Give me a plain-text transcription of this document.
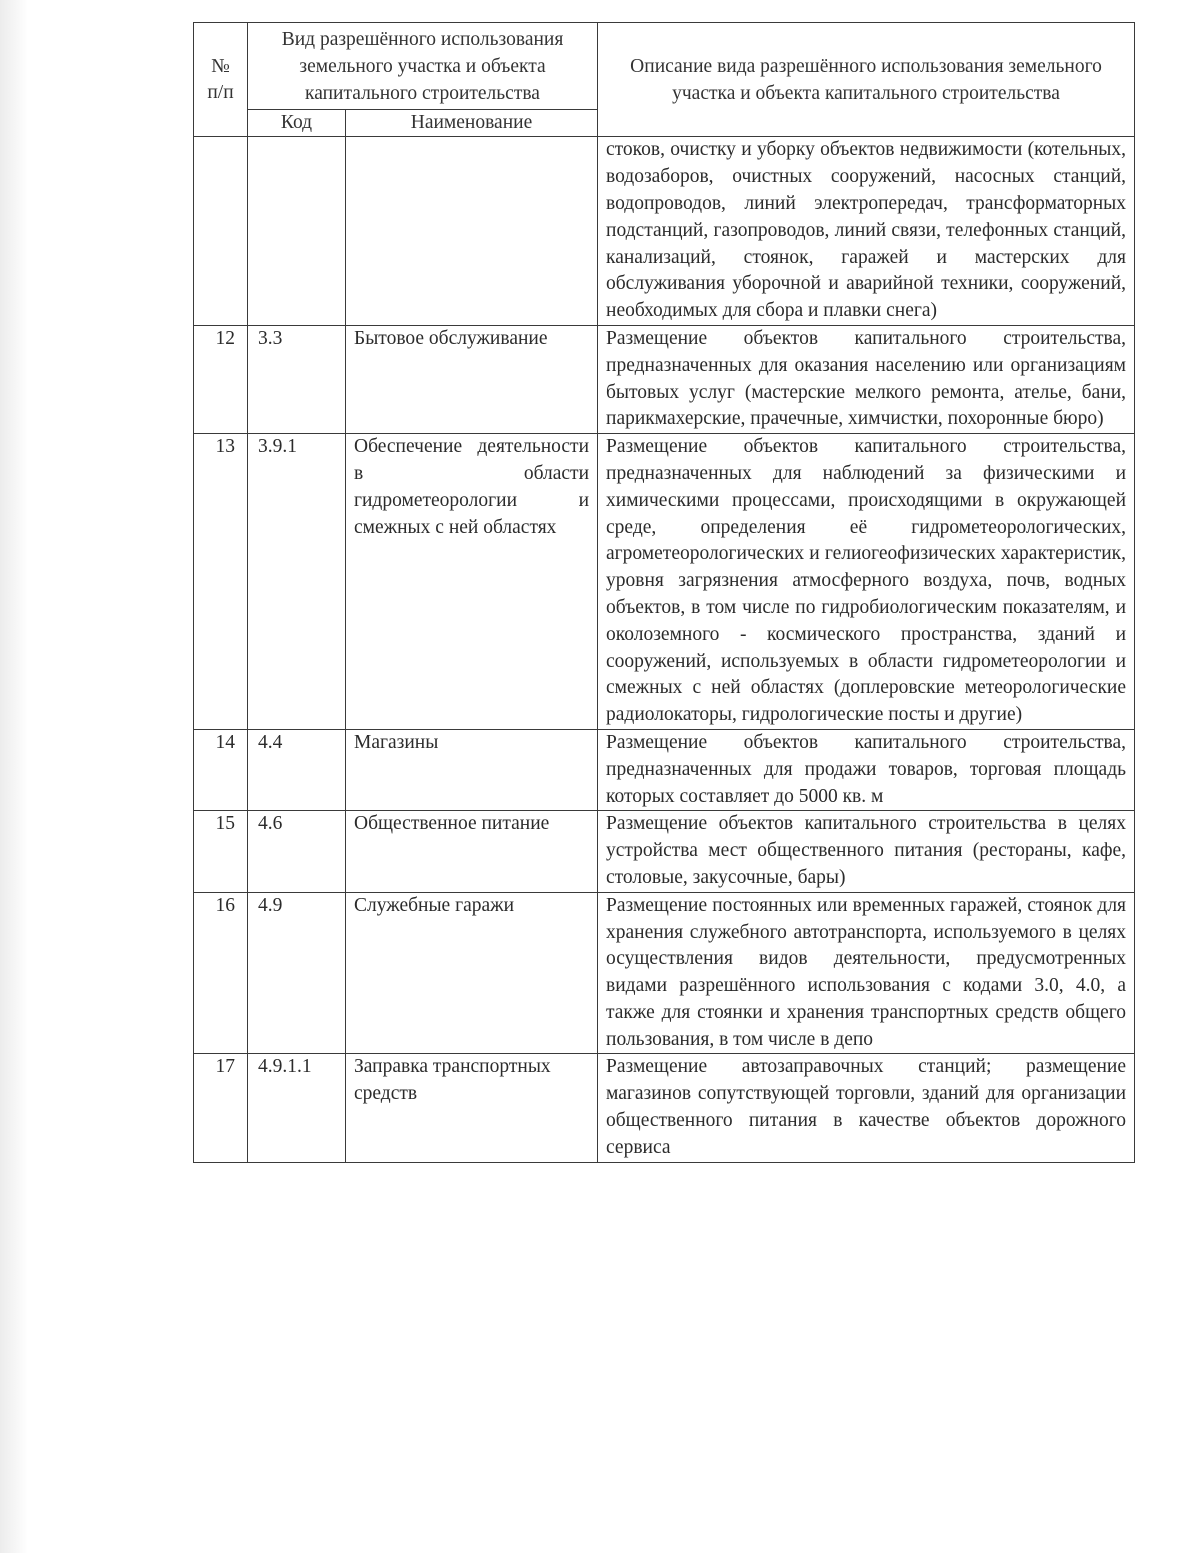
№ п/п	Вид разрешённого использования земельного участка и объекта капитального строительства		Описание вида разрешённого использования земельного участка и объекта капитального строительства
	Код	Наименование	
			стоков, очистку и уборку объектов недвижимости (котельных, водозаборов, очистных сооружений, насосных станций, водопроводов, линий электропередач, трансформаторных подстанций, газопроводов, линий связи, телефонных станций, канализаций, стоянок, гаражей и мастерских для обслуживания уборочной и аварийной техники, сооружений, необходимых для сбора и плавки снега)
12	3.3	Бытовое обслуживание	Размещение объектов капитального строительства, предназначенных для оказания населению или организациям бытовых услуг (мастерские мелкого ремонта, ателье, бани, парикмахерские, прачечные, химчистки, похоронные бюро)
13	3.9.1	Обеспечение деятельности в области гидрометеорологии и смежных с ней областях	Размещение объектов капитального строительства, предназначенных для наблюдений за физическими и химическими процессами, происходящими в окружающей среде, определения её гидрометеорологических, агрометеорологических и гелиогеофизических характеристик, уровня загрязнения атмосферного воздуха, почв, водных объектов, в том числе по гидробиологическим показателям, и околоземного - космического пространства, зданий и сооружений, используемых в области гидрометеорологии и смежных с ней областях (доплеровские метеорологические радиолокаторы, гидрологические посты и другие)
14	4.4	Магазины	Размещение объектов капитального строительства, предназначенных для продажи товаров, торговая площадь которых составляет до 5000 кв. м
15	4.6	Общественное питание	Размещение объектов капитального строительства в целях устройства мест общественного питания (рестораны, кафе, столовые, закусочные, бары)
16	4.9	Служебные гаражи	Размещение постоянных или временных гаражей, стоянок для хранения служебного автотранспорта, используемого в целях осуществления видов деятельности, предусмотренных видами разрешённого использования с кодами 3.0, 4.0, а также для стоянки и хранения транспортных средств общего пользования, в том числе в депо
17	4.9.1.1	Заправка транспортных средств	Размещение автозаправочных станций; размещение магазинов сопутствующей торговли, зданий для организации общественного питания в качестве объектов дорожного сервиса
